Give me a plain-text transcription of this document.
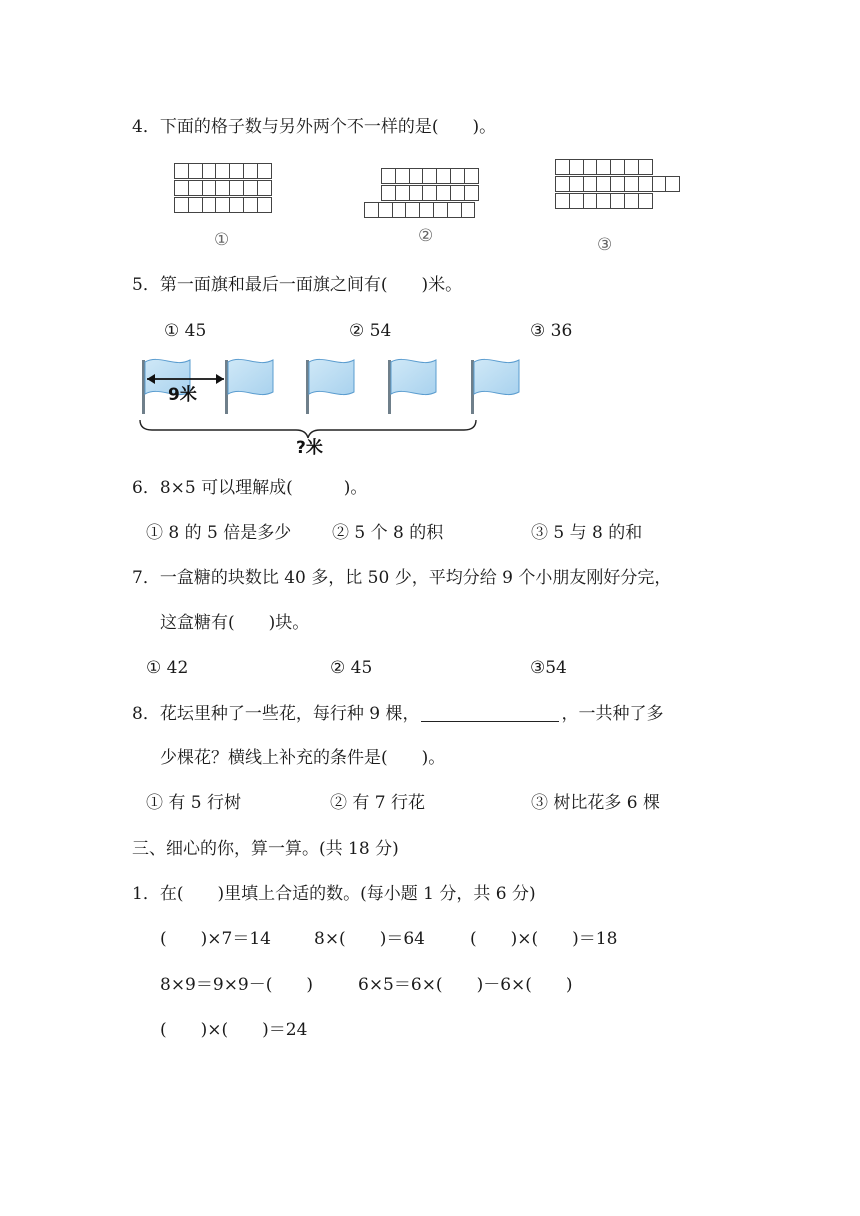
4．下面的格子数与另外两个不一样的是(　　)。
①	②	③
5．第一面旗和最后一面旗之间有(　　)米。
① 45	② 54	③ 36
9米
?米
6．8×5 可以理解成(　　　)。
① 8 的 5 倍是多少 ② 5 个 8 的积	③ 5 与 8 的和
7．一盒糖的块数比 40 多，比 50 少，平均分给 9 个小朋友刚好分完，
这盒糖有(　　)块。
① 42	② 45	③54
8．花坛里种了一些花，每行种 9 棵，	，一共种了多
少棵花？横线上补充的条件是(　　)。
① 有 5 行树	② 有 7 行花	③ 树比花多 6 棵
三、细心的你，算一算。(共 18 分)
1．在(　　)里填上合适的数。(每小题 1 分，共 6 分)
(　　)×7＝14	8×(　　)＝64	(　　)×(　　)＝18
8×9＝9×9－(　　)	6×5＝6×(　　)－6×(　　)
(　　)×(　　)＝24
